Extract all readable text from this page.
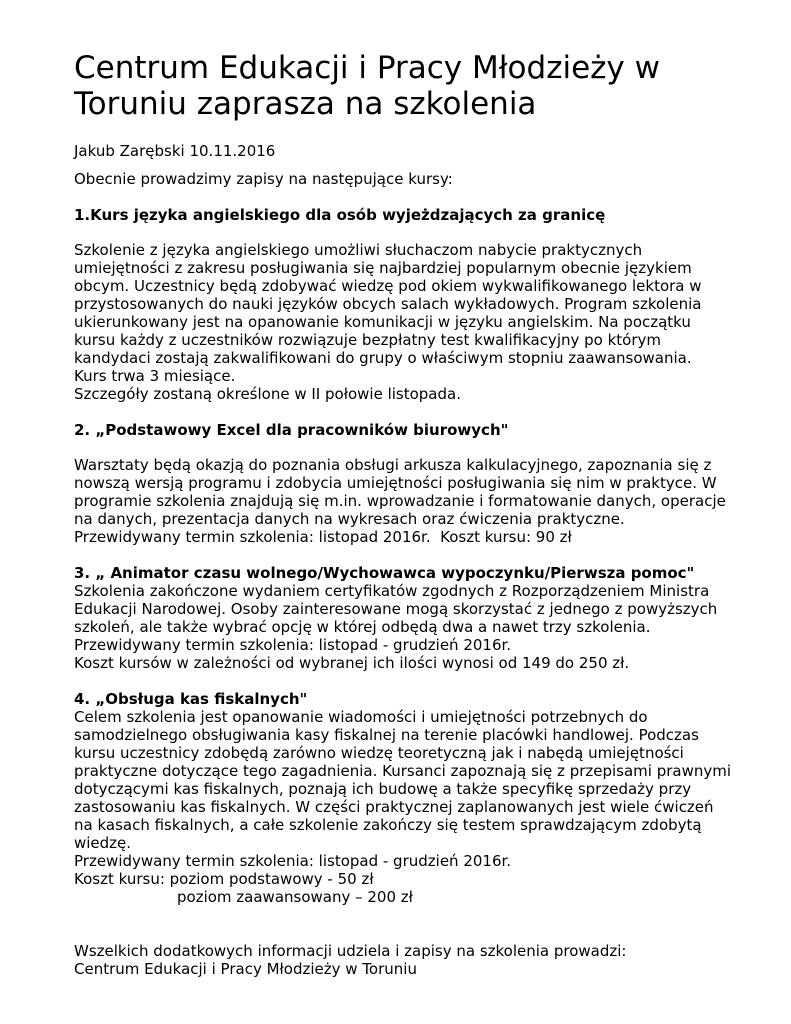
Centrum Edukacji i Pracy Młodzieży w
Toruniu zaprasza na szkolenia

Jakub Zarębski 10.11.2016

Obecnie prowadzimy zapisy na następujące kursy:

1.Kurs języka angielskiego dla osób wyjeżdzających za granicę

Szkolenie z języka angielskiego umożliwi słuchaczom nabycie praktycznych

umiejętności z zakresu posługiwania się najbardziej popularnym obecnie językiem

obcym. Uczestnicy będą zdobywać wiedzę pod okiem wykwalifikowanego lektora w

przystosowanych do nauki języków obcych salach wykładowych. Program szkolenia

ukierunkowany jest na opanowanie komunikacji w języku angielskim. Na początku

kursu każdy z uczestników rozwiązuje bezpłatny test kwalifikacyjny po którym

kandydaci zostają zakwalifikowani do grupy o właściwym stopniu zaawansowania.

Kurs trwa 3 miesiące.

Szczegóły zostaną określone w II połowie listopada.

2. „Podstawowy Excel dla pracowników biurowych"

Warsztaty będą okazją do poznania obsługi arkusza kalkulacyjnego, zapoznania się z

nowszą wersją programu i zdobycia umiejętności posługiwania się nim w praktyce. W

programie szkolenia znajdują się m.in. wprowadzanie i formatowanie danych, operacje

na danych, prezentacja danych na wykresach oraz ćwiczenia praktyczne.

Przewidywany termin szkolenia: listopad 2016r.  Koszt kursu: 90 zł

3. „ Animator czasu wolnego/Wychowawca wypoczynku/Pierwsza pomoc"

Szkolenia zakończone wydaniem certyfikatów zgodnych z Rozporządzeniem Ministra

Edukacji Narodowej. Osoby zainteresowane mogą skorzystać z jednego z powyższych

szkoleń, ale także wybrać opcję w której odbędą dwa a nawet trzy szkolenia.

Przewidywany termin szkolenia: listopad - grudzień 2016r.

Koszt kursów w zależności od wybranej ich ilości wynosi od 149 do 250 zł.

4. „Obsługa kas fiskalnych"

Celem szkolenia jest opanowanie wiadomości i umiejętności potrzebnych do

samodzielnego obsługiwania kasy fiskalnej na terenie placówki handlowej. Podczas

kursu uczestnicy zdobędą zarówno wiedzę teoretyczną jak i nabędą umiejętności

praktyczne dotyczące tego zagadnienia. Kursanci zapoznają się z przepisami prawnymi

dotyczącymi kas fiskalnych, poznają ich budowę a także specyfikę sprzedaży przy

zastosowaniu kas fiskalnych. W części praktycznej zaplanowanych jest wiele ćwiczeń

na kasach fiskalnych, a całe szkolenie zakończy się testem sprawdzającym zdobytą

wiedzę.

Przewidywany termin szkolenia: listopad - grudzień 2016r.

Koszt kursu: poziom podstawowy - 50 zł

poziom zaawansowany – 200 zł

Wszelkich dodatkowych informacji udziela i zapisy na szkolenia prowadzi:

Centrum Edukacji i Pracy Młodzieży w Toruniu
